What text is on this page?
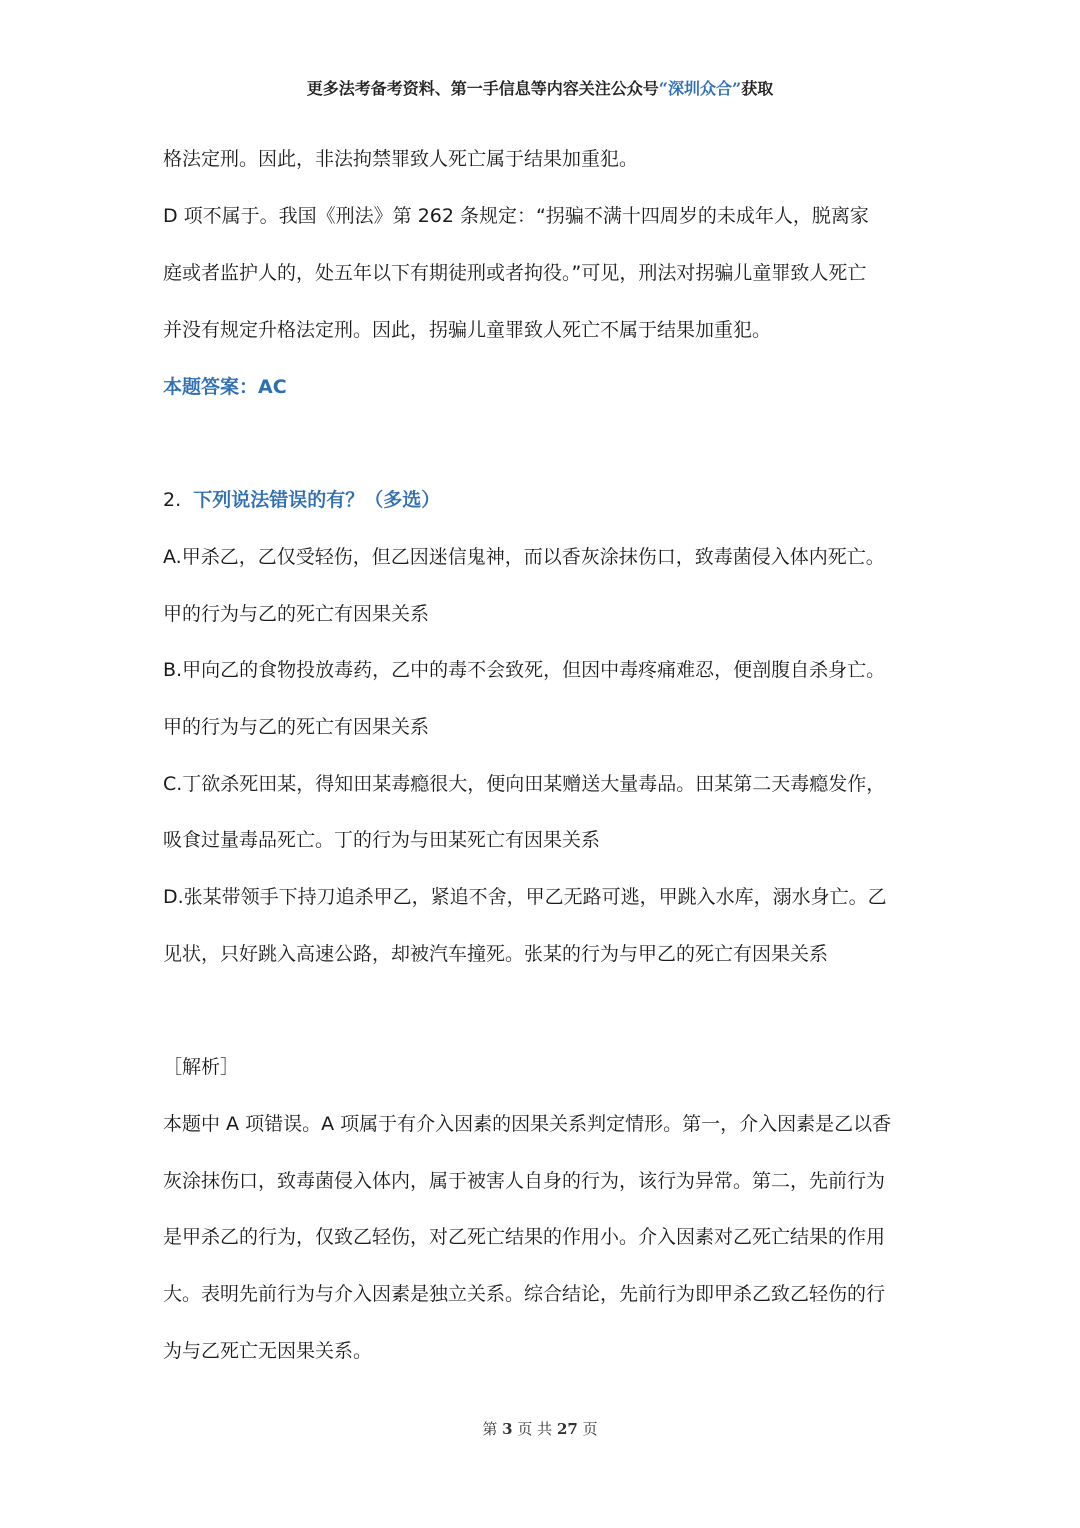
更多法考备考资料、第一手信息等内容关注公众号“深圳众合”获取

格法定刑。因此，非法拘禁罪致人死亡属于结果加重犯。

D 项不属于。我国《刑法》第 262 条规定：“拐骗不满十四周岁的未成年人，脱离家

庭或者监护人的，处五年以下有期徒刑或者拘役。”可见，刑法对拐骗儿童罪致人死亡

并没有规定升格法定刑。因此，拐骗儿童罪致人死亡不属于结果加重犯。

本题答案：AC

2. 下列说法错误的有？（多选）

A.甲杀乙，乙仅受轻伤，但乙因迷信鬼神，而以香灰涂抹伤口，致毒菌侵入体内死亡。

甲的行为与乙的死亡有因果关系

B.甲向乙的食物投放毒药，乙中的毒不会致死，但因中毒疼痛难忍，便剖腹自杀身亡。

甲的行为与乙的死亡有因果关系

C.丁欲杀死田某，得知田某毒瘾很大，便向田某赠送大量毒品。田某第二天毒瘾发作，

吸食过量毒品死亡。丁的行为与田某死亡有因果关系

D.张某带领手下持刀追杀甲乙，紧追不舍，甲乙无路可逃，甲跳入水库，溺水身亡。乙

见状，只好跳入高速公路，却被汽车撞死。张某的行为与甲乙的死亡有因果关系

［解析］

本题中 A 项错误。A 项属于有介入因素的因果关系判定情形。第一，介入因素是乙以香

灰涂抹伤口，致毒菌侵入体内，属于被害人自身的行为，该行为异常。第二，先前行为

是甲杀乙的行为，仅致乙轻伤，对乙死亡结果的作用小。介入因素对乙死亡结果的作用

大。表明先前行为与介入因素是独立关系。综合结论，先前行为即甲杀乙致乙轻伤的行

为与乙死亡无因果关系。

第 3 页 共 27 页
